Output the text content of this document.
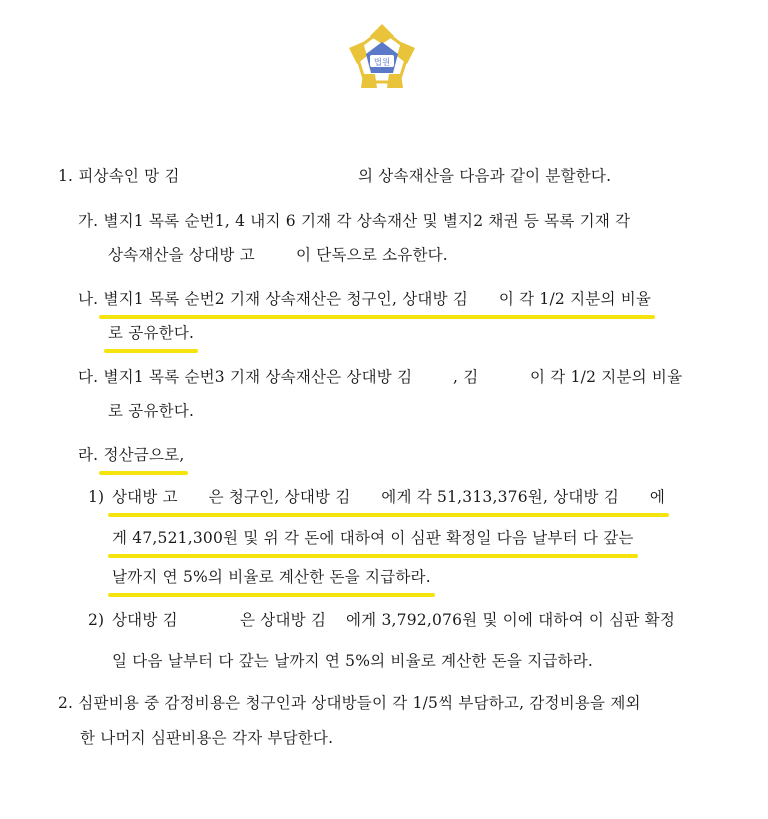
법원
1. 피상속인 망 김	의 상속재산을 다음과 같이 분할한다.
가. 별지1 목록 순번1, 4 내지 6 기재 각 상속재산 및 별지2 채권 등 목록 기재 각
상속재산을 상대방 고	이 단독으로 소유한다.
나. 별지1 목록 순번2 기재 상속재산은 청구인, 상대방 김 이 각 1/2 지분의 비율
로 공유한다.
다. 별지1 목록 순번3 기재 상속재산은 상대방 김	, 김	이 각 1/2 지분의 비율
로 공유한다.
라. 정산금으로,
1) 상대방 고 은 청구인, 상대방 김 에게 각 51,313,376원, 상대방 김 에
게 47,521,300원 및 위 각 돈에 대하여 이 심판 확정일 다음 날부터 다 갚는
날까지 연 5%의 비율로 계산한 돈을 지급하라.
2) 상대방 김	은 상대방 김 에게 3,792,076원 및 이에 대하여 이 심판 확정
일 다음 날부터 다 갚는 날까지 연 5%의 비율로 계산한 돈을 지급하라.
2. 심판비용 중 감정비용은 청구인과 상대방들이 각 1/5씩 부담하고, 감정비용을 제외
한 나머지 심판비용은 각자 부담한다.
